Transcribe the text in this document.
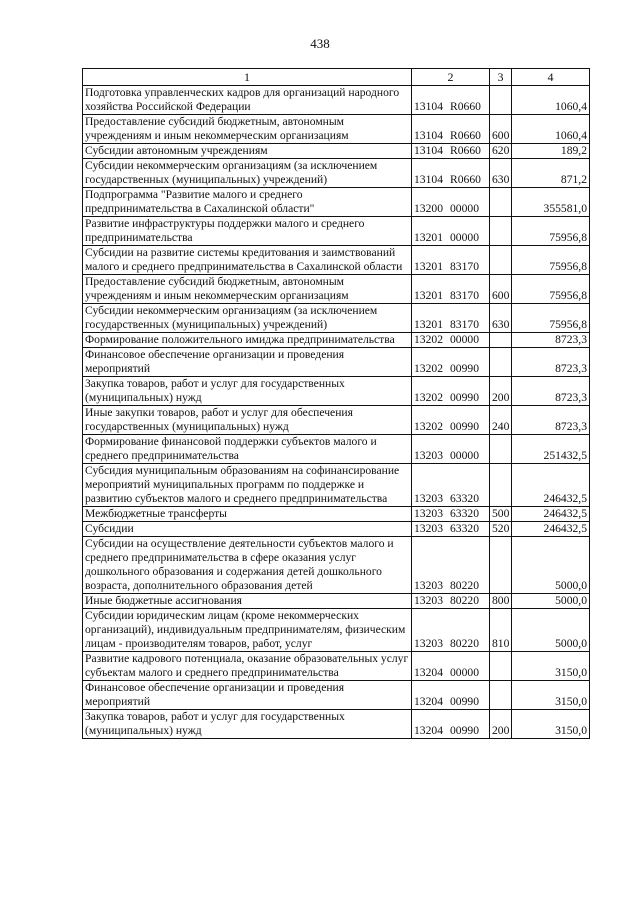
438
1	2	3	4
Подготовка управленческих кадров для организаций народного хозяйства Российской Федерации	13104 R0660		1060,4
Предоставление субсидий бюджетным, автономным учреждениям и иным некоммерческим организациям	13104 R0660	600	1060,4
Субсидии автономным учреждениям	13104 R0660	620	189,2
Субсидии некоммерческим организациям (за исключением государственных (муниципальных) учреждений)	13104 R0660	630	871,2
Подпрограмма "Развитие малого и среднего предпринимательства в Сахалинской области"	13200 00000		355581,0
Развитие инфраструктуры поддержки малого и среднего предпринимательства	13201 00000		75956,8
Субсидии на развитие системы кредитования и заимствований малого и среднего предпринимательства в Сахалинской области	13201 83170		75956,8
Предоставление субсидий бюджетным, автономным учреждениям и иным некоммерческим организациям	13201 83170	600	75956,8
Субсидии некоммерческим организациям (за исключением государственных (муниципальных) учреждений)	13201 83170	630	75956,8
Формирование положительного имиджа предпринимательства	13202 00000		8723,3
Финансовое обеспечение организации и проведения мероприятий	13202 00990		8723,3
Закупка товаров, работ и услуг для государственных (муниципальных) нужд	13202 00990	200	8723,3
Иные закупки товаров, работ и услуг для обеспечения государственных (муниципальных) нужд	13202 00990	240	8723,3
Формирование финансовой поддержки субъектов малого и среднего предпринимательства	13203 00000		251432,5
Субсидия муниципальным образованиям на софинансирование мероприятий муниципальных программ по поддержке и развитию субъектов малого и среднего предпринимательства	13203 63320		246432,5
Межбюджетные трансферты	13203 63320	500	246432,5
Субсидии	13203 63320	520	246432,5
Субсидии на осуществление деятельности субъектов малого и среднего предпринимательства в сфере оказания услуг дошкольного образования и содержания детей дошкольного возраста, дополнительного образования детей	13203 80220		5000,0
Иные бюджетные ассигнования	13203 80220	800	5000,0
Субсидии юридическим лицам (кроме некоммерческих организаций), индивидуальным предпринимателям, физическим лицам - производителям товаров, работ, услуг	13203 80220	810	5000,0
Развитие кадрового потенциала, оказание образовательных услуг субъектам малого и среднего предпринимательства	13204 00000		3150,0
Финансовое обеспечение организации и проведения мероприятий	13204 00990		3150,0
Закупка товаров, работ и услуг для государственных (муниципальных) нужд	13204 00990	200	3150,0
